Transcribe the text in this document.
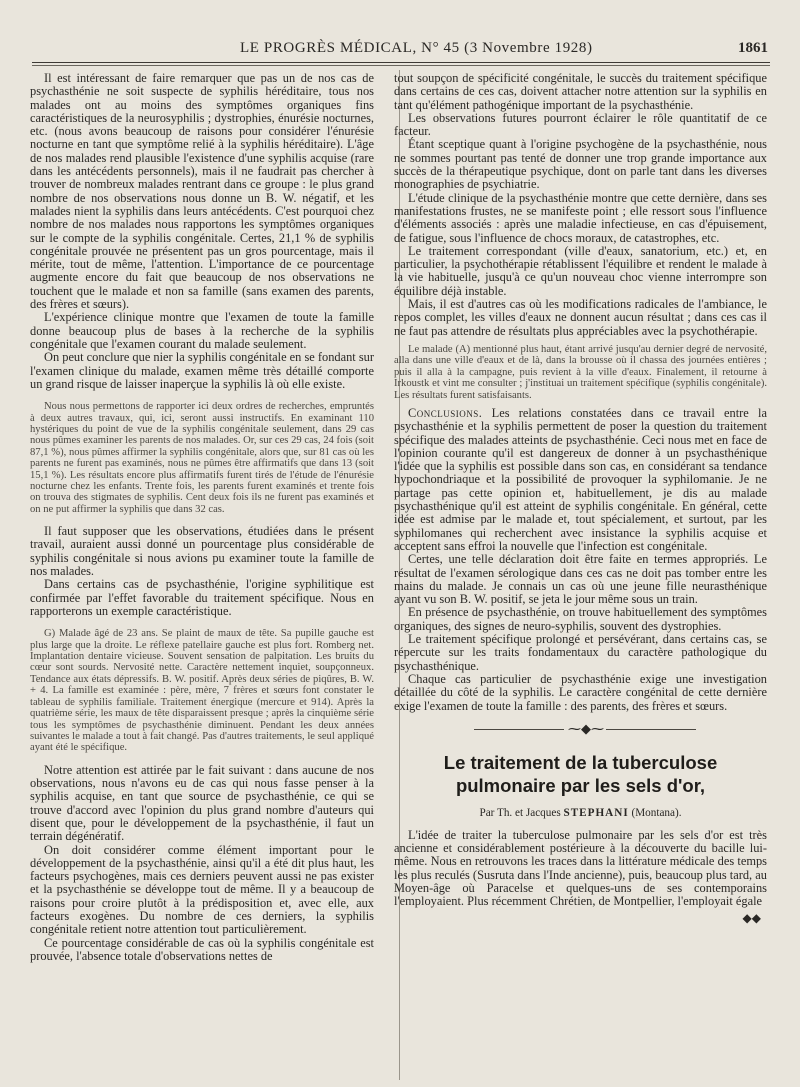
LE PROGRÈS MÉDICAL, N° 45 (3 Novembre 1928)	1861

Il est intéressant de faire remarquer que pas un de nos cas de psychasthénie ne soit suspecte de syphilis héréditaire, tous nos malades ont au moins des symptômes organiques fins caractéristiques de la neurosyphilis ; dystrophies, énurésie nocturnes, etc. (nous avons beaucoup de raisons pour considérer l'énurésie nocturne en tant que symptôme relié à la syphilis héréditaire). L'âge de nos malades rend plausible l'existence d'une syphilis acquise (rare dans les antécédents personnels), mais il ne faudrait pas chercher à trouver de nombreux malades rentrant dans ce groupe : le plus grand nombre de nos observations nous donne un B. W. négatif, et les malades nient la syphilis dans leurs antécédents. C'est pourquoi chez nombre de nos malades nous rapportons les symptômes organiques sur le compte de la syphilis congénitale. Certes, 21,1 % de syphilis congénitale prouvée ne présentent pas un gros pourcentage, mais il mérite, tout de même, l'attention. L'importance de ce pourcentage augmente encore du fait que beaucoup de nos observations ne touchent que le malade et non sa famille (sans examen des parents, des frères et sœurs).

L'expérience clinique montre que l'examen de toute la famille donne beaucoup plus de bases à la recherche de la syphilis congénitale que l'examen courant du malade seulement.

On peut conclure que nier la syphilis congénitale en se fondant sur l'examen clinique du malade, examen même très détaillé comporte un grand risque de laisser inaperçue la syphilis là où elle existe.

Nous nous permettons de rapporter ici deux ordres de recherches, empruntés à deux autres travaux, qui, ici, seront aussi instructifs. En examinant 110 hystériques du point de vue de la syphilis congénitale seulement, dans 29 cas nous pûmes examiner les parents de nos malades. Or, sur ces 29 cas, 24 fois (soit 87,1 %), nous pûmes affirmer la syphilis congénitale, alors que, sur 81 cas où les parents ne furent pas examinés, nous ne pûmes être affirmatifs que dans 13 (soit 15,1 %). Les résultats encore plus affirmatifs furent tirés de l'étude de l'énurésie nocturne chez les enfants. Trente fois, les parents furent examinés et trente fois on trouva des stigmates de syphilis. Cent deux fois ils ne furent pas examinés et on ne put affirmer la syphilis que dans 32 cas.

Il faut supposer que les observations, étudiées dans le présent travail, auraient aussi donné un pourcentage plus considérable de syphilis congénitale si nous avions pu examiner toute la famille de nos malades.

Dans certains cas de psychasthénie, l'origine syphilitique est confirmée par l'effet favorable du traitement spécifique. Nous en rapporterons un exemple caractéristique.

G) Malade âgé de 23 ans. Se plaint de maux de tête. Sa pupille gauche est plus large que la droite. Le réflexe patellaire gauche est plus fort. Romberg net. Implantation dentaire vicieuse. Souvent sensation de palpitation. Les bruits du cœur sont sourds. Nervosité nette. Caractère nettement inquiet, soupçonneux. Tendance aux états dépressifs. B. W. positif. Après deux séries de piqûres, B. W. + 4. La famille est examinée : père, mère, 7 frères et sœurs font constater le tableau de syphilis familiale. Traitement énergique (mercure et 914). Après la quatrième série, les maux de tête disparaissent presque ; après la cinquième série tous les symptômes de psychasthénie diminuent. Pendant les deux années suivantes le malade a tout à fait changé. Pas d'autres traitements, le seul appliqué ayant été le spécifique.

Notre attention est attirée par le fait suivant : dans aucune de nos observations, nous n'avons eu de cas qui nous fasse penser à la syphilis acquise, en tant que source de psychasthénie, ce qui se trouve d'accord avec l'opinion du plus grand nombre d'auteurs qui disent que, pour le développement de la psychasthénie, il faut un terrain dégénératif.

On doit considérer comme élément important pour le développement de la psychasthénie, ainsi qu'il a été dit plus haut, les facteurs psychogènes, mais ces derniers peuvent aussi ne pas exister et la psychasthénie se développe tout de même. Il y a beaucoup de raisons pour croire plutôt à la prédisposition et, avec elle, aux facteurs exogènes. Du nombre de ces derniers, la syphilis congénitale retient notre attention tout particulièrement.

Ce pourcentage considérable de cas où la syphilis congénitale est prouvée, l'absence totale d'observations nettes de

tout soupçon de spécificité congénitale, le succès du traitement spécifique dans certains de ces cas, doivent attacher notre attention sur la syphilis en tant qu'élément pathogénique important de la psychasthénie.

Les observations futures pourront éclairer le rôle quantitatif de ce facteur.

Étant sceptique quant à l'origine psychogène de la psychasthénie, nous ne sommes pourtant pas tenté de donner une trop grande importance aux succès de la thérapeutique psychique, dont on parle tant dans les diverses monographies de psychiatrie.

L'étude clinique de la psychasthénie montre que cette dernière, dans ses manifestations frustes, ne se manifeste point ; elle ressort sous l'influence d'éléments associés : après une maladie infectieuse, en cas d'épuisement, de fatigue, sous l'influence de chocs moraux, de catastrophes, etc.

Le traitement correspondant (ville d'eaux, sanatorium, etc.) et, en particulier, la psychothérapie rétablissent l'équilibre et rendent le malade à la vie habituelle, jusqu'à ce qu'un nouveau choc vienne interrompre son équilibre déjà instable.

Mais, il est d'autres cas où les modifications radicales de l'ambiance, le repos complet, les villes d'eaux ne donnent aucun résultat ; dans ces cas il ne faut pas attendre de résultats plus appréciables avec la psychothérapie.

Le malade (A) mentionné plus haut, étant arrivé jusqu'au dernier degré de nervosité, alla dans une ville d'eaux et de là, dans la brousse où il chassa des journées entières ; puis il alla à la campagne, puis revient à la ville d'eaux. Finalement, il retourne à Irkoustk et vint me consulter ; j'instituai un traitement spécifique (syphilis congénitale). Les résultats furent satisfaisants.

Conclusions. Les relations constatées dans ce travail entre la psychasthénie et la syphilis permettent de poser la question du traitement spécifique des malades atteints de psychasthénie. Ceci nous met en face de l'opinion courante qu'il est dangereux de donner à un psychasthénique l'idée que la syphilis est possible dans son cas, en considérant sa tendance hypochondriaque et la possibilité de provoquer la syphilomanie. Je ne partage pas cette opinion et, habituellement, je dis au malade psychasthénique qu'il est atteint de syphilis congénitale. En général, cette idée est admise par le malade et, tout spécialement, et surtout, par les syphilomanes qui recherchent avec insistance la syphilis acquise et acceptent sans effroi la nouvelle que l'infection est congénitale.

Certes, une telle déclaration doit être faite en termes appropriés. Le résultat de l'examen sérologique dans ces cas ne doit pas tomber entre les mains du malade. Je connais un cas où une jeune fille neurasthénique ayant vu son B. W. positif, se jeta le jour même sous un train.

En présence de psychasthénie, on trouve habituellement des symptômes organiques, des signes de neuro-syphilis, souvent des dystrophies.

Le traitement spécifique prolongé et persévérant, dans certains cas, se répercute sur les traits fondamentaux du caractère pathologique du psychasthénique.

Chaque cas particulier de psychasthénie exige une investigation détaillée du côté de la syphilis. Le caractère congénital de cette dernière exige l'examen de toute la famille : des parents, des frères et sœurs.

⁓◆⁓
Le traitement de la tuberculose pulmonaire par les sels d'or,
Par Th. et Jacques STEPHANI (Montana).

L'idée de traiter la tuberculose pulmonaire par les sels d'or est très ancienne et considérablement postérieure à la découverte du bacille lui-même. Nous en retrouvons les traces dans la littérature médicale des temps les plus reculés (Susruta dans l'Inde ancienne), puis, beaucoup plus tard, au Moyen-âge où Paracelse et quelques-uns de ses contemporains l'employaient. Plus récemment Chrétien, de Montpellier, l'employait égale

◆◆
